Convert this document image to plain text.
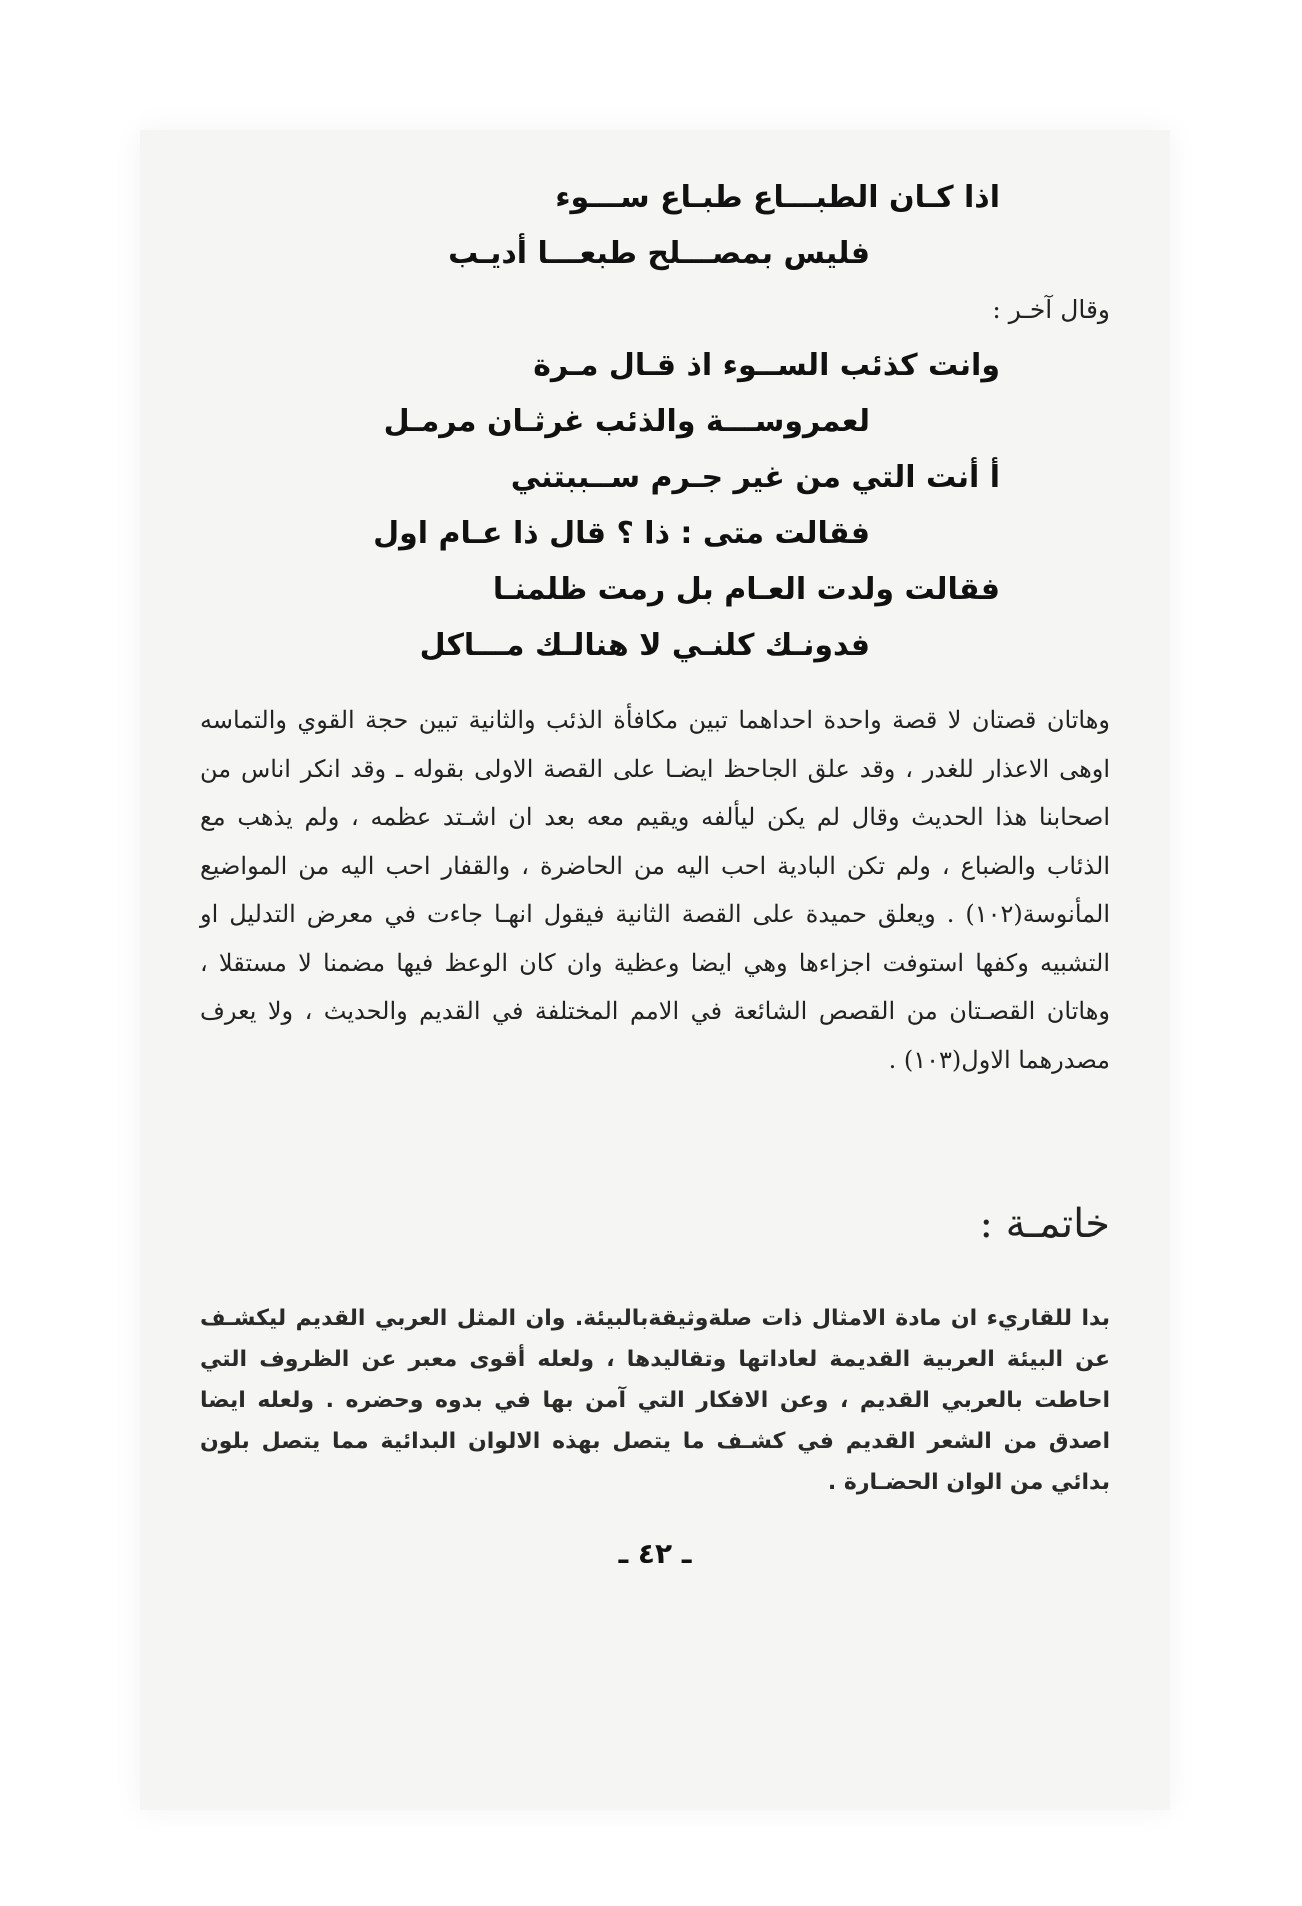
اذا كـان الطبـــاع طبـاع ســـوء
فليس بمصـــلح طبعـــا أديـب
وقال آخـر :
وانت كذئب الســوء اذ قـال مـرة
لعمروســـة والذئب غرثـان مرمـل
أ أنت التي من غير جـرم ســببتني
فقالت متى : ذا ؟ قال ذا عـام اول
فقالت ولدت العـام بل رمت ظلمنـا
فدونـك كلنـي لا هنالـك مـــاكل
وهاتان قصتان لا قصة واحدة احداهما تبين مكافأة الذئب والثانية تبين حجة القوي والتماسه اوهى الاعذار للغدر ، وقد علق الجاحظ ايضـا على القصة الاولى بقوله ـ وقد انكر اناس من اصحابنا هذا الحديث وقال لم يكن ليألفه ويقيم معه بعد ان اشـتد عظمه ، ولم يذهب مع الذئاب والضباع ، ولم تكن البادية احب اليه من الحاضرة ، والقفار احب اليه من المواضيع المأنوسة(١٠٢) . ويعلق حميدة على القصة الثانية فيقول انهـا جاءت في معرض التدليل او التشبيه وكفها استوفت اجزاءها وهي ايضا وعظية وان كان الوعظ فيها مضمنا لا مستقلا ، وهاتان القصـتان من القصص الشائعة في الامم المختلفة في القديم والحديث ، ولا يعرف مصدرهما الاول(١٠٣) .
خاتمـة :
بدا للقاريء ان مادة الامثال ذات صلةوثيقةبالبيئة. وان المثل العربي القديم ليكشـف عن البيئة العربية القديمة لعاداتها وتقاليدها ، ولعله أقوى معبر عن الظروف التي احاطت بالعربي القديم ، وعن الافكار التي آمن بها في بدوه وحضره . ولعله ايضا اصدق من الشعر القديم في كشـف ما يتصل بهذه الالوان البدائية مما يتصل بلون بدائي من الوان الحضـارة .
ـ ٤٢ ـ
